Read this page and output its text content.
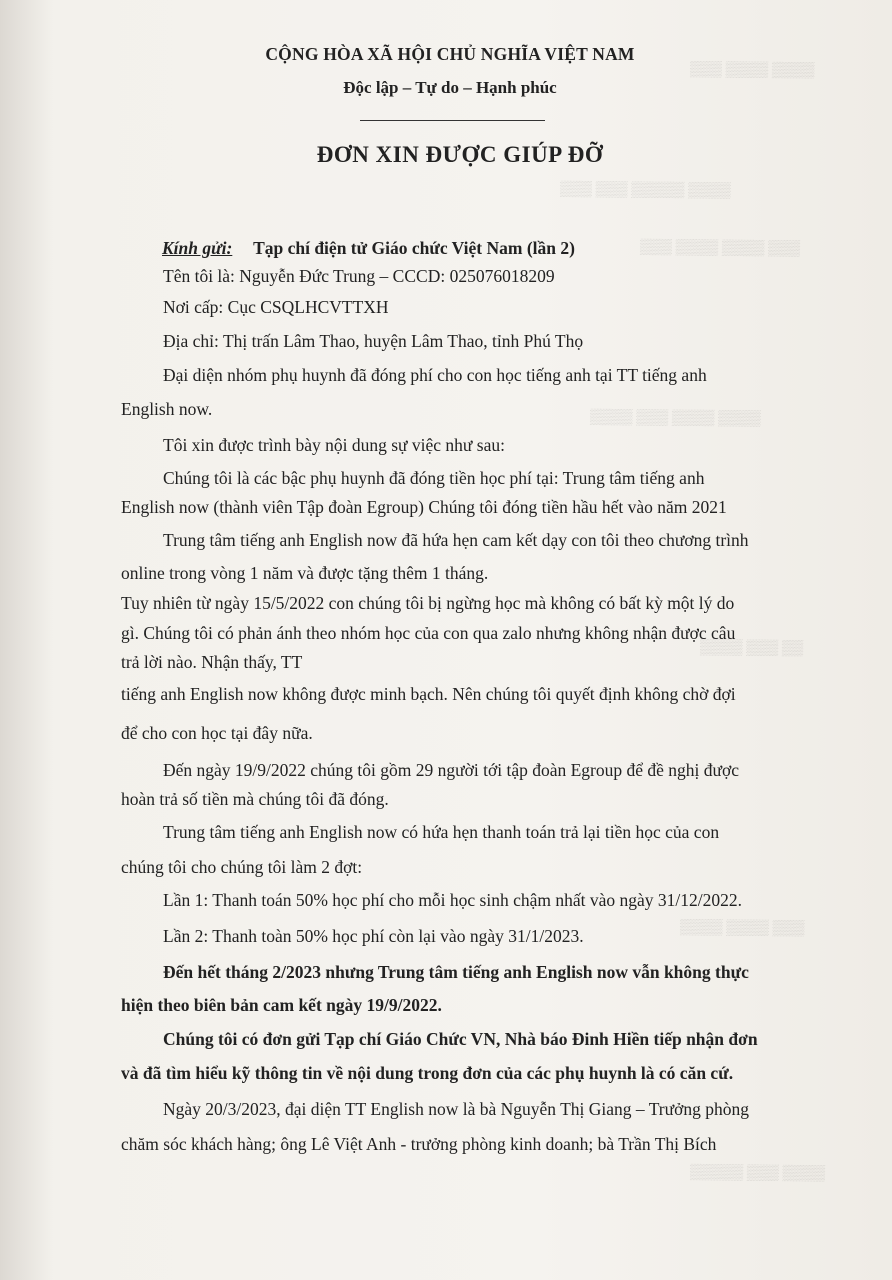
▒▒▒ ▒▒▒▒ ▒▒▒▒
▒▒▒ ▒▒▒ ▒▒▒▒▒ ▒▒▒▒
▒▒▒ ▒▒▒▒ ▒▒▒▒ ▒▒▒
▒▒▒▒ ▒▒▒ ▒▒▒▒ ▒▒▒▒
▒▒▒▒ ▒▒▒ ▒▒
▒▒▒▒ ▒▒▒▒ ▒▒▒
▒▒▒▒▒ ▒▒▒ ▒▒▒▒
CỘNG HÒA XÃ HỘI CHỦ NGHĨA VIỆT NAM
Độc lập – Tự do – Hạnh phúc
ĐƠN XIN ĐƯỢC GIÚP ĐỠ
Kính gửi: Tạp chí điện tử Giáo chức Việt Nam (lần 2)
Tên tôi là: Nguyễn Đức Trung – CCCD: 025076018209
Nơi cấp: Cục CSQLHCVTTXH
Địa chỉ: Thị trấn Lâm Thao, huyện Lâm Thao, tỉnh Phú Thọ
Đại diện nhóm phụ huynh đã đóng phí cho con học tiếng anh tại TT tiếng anh
English now.
Tôi xin được trình bày nội dung sự việc như sau:
Chúng tôi là các bậc phụ huynh đã đóng tiền học phí tại: Trung tâm tiếng anh
English now (thành viên Tập đoàn Egroup) Chúng tôi đóng tiền hầu hết vào năm 2021
Trung tâm tiếng anh English now đã hứa hẹn cam kết dạy con tôi theo chương trình
online trong vòng 1 năm và được tặng thêm 1 tháng.
Tuy nhiên từ ngày 15/5/2022 con chúng tôi bị ngừng học mà không có bất kỳ một lý do
gì. Chúng tôi có phản ánh theo nhóm học của con qua zalo nhưng không nhận được câu
trả lời nào. Nhận thấy, TT
tiếng anh English now không được minh bạch. Nên chúng tôi quyết định không chờ đợi
để cho con học tại đây nữa.
Đến ngày 19/9/2022 chúng tôi gồm 29 người tới tập đoàn Egroup để đề nghị được
hoàn trả số tiền mà chúng tôi đã đóng.
Trung tâm tiếng anh English now có hứa hẹn thanh toán trả lại tiền học của con
chúng tôi cho chúng tôi làm 2 đợt:
Lần 1: Thanh toán 50% học phí cho mỗi học sinh chậm nhất vào ngày 31/12/2022.
Lần 2: Thanh toàn 50% học phí còn lại vào ngày 31/1/2023.
Đến hết tháng 2/2023 nhưng Trung tâm tiếng anh English now vẫn không thực
hiện theo biên bản cam kết ngày 19/9/2022.
Chúng tôi có đơn gửi Tạp chí Giáo Chức VN, Nhà báo Đinh Hiền tiếp nhận đơn
và đã tìm hiểu kỹ thông tin về nội dung trong đơn của các phụ huynh là có căn cứ.
Ngày 20/3/2023, đại diện TT English now là bà Nguyễn Thị Giang – Trưởng phòng
chăm sóc khách hàng; ông Lê Việt Anh - trưởng phòng kinh doanh; bà Trần Thị Bích
